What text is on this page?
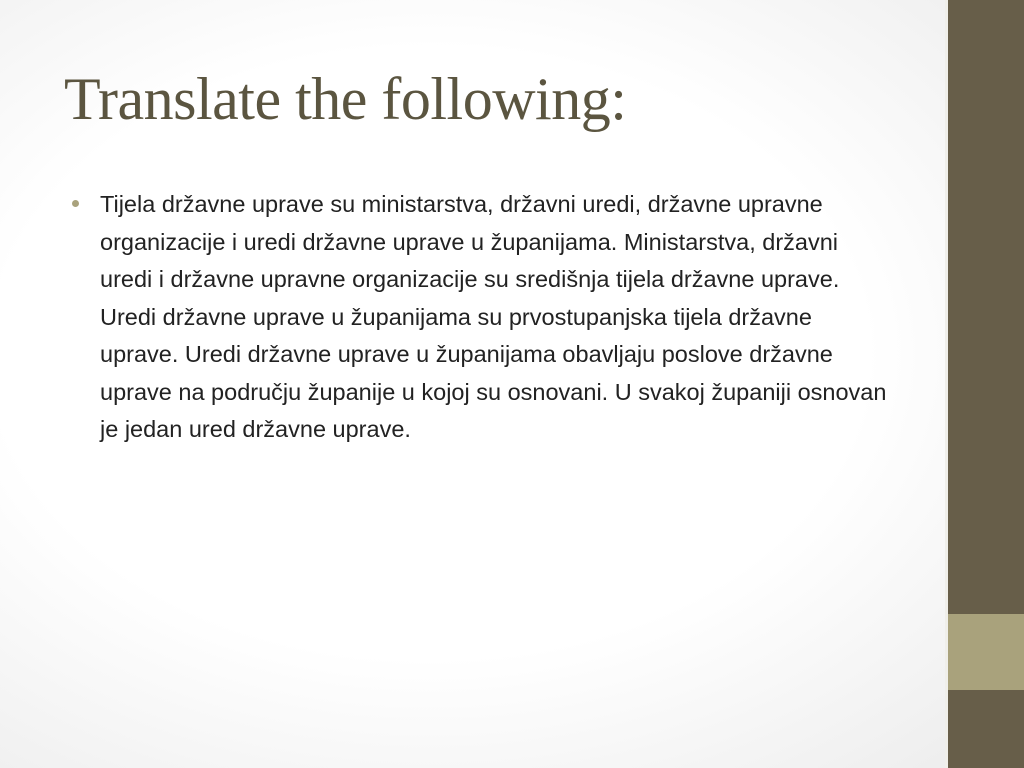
Translate the following:

Tijela državne uprave su ministarstva, državni uredi, državne upravne organizacije i uredi državne uprave u županijama. Ministarstva, državni uredi i državne upravne organizacije su središnja tijela državne uprave.
Uredi državne uprave u županijama su prvostupanjska tijela državne uprave. Uredi državne uprave u županijama obavljaju poslove državne uprave na području županije u kojoj su osnovani. U svakoj županiji osnovan je jedan ured državne uprave.
